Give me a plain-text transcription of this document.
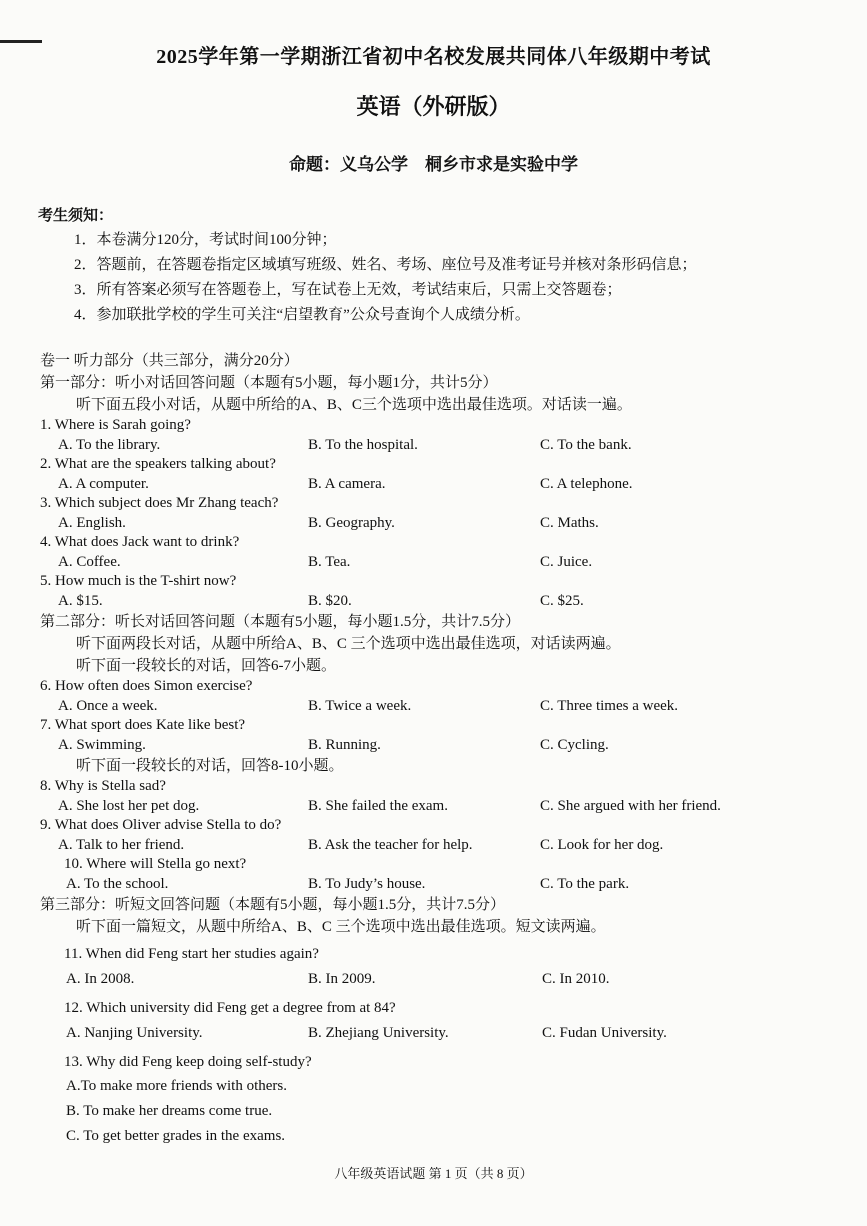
2025学年第一学期浙江省初中名校发展共同体八年级期中考试
英语（外研版）
命题：义乌公学　桐乡市求是实验中学
考生须知：
1．本卷满分120分，考试时间100分钟；
2．答题前，在答题卷指定区域填写班级、姓名、考场、座位号及准考证号并核对条形码信息；
3．所有答案必须写在答题卷上，写在试卷上无效，考试结束后，只需上交答题卷；
4．参加联批学校的学生可关注“启望教育”公众号查询个人成绩分析。
卷一 听力部分（共三部分，满分20分）
第一部分：听小对话回答问题（本题有5小题，每小题1分，共计5分）
听下面五段小对话，从题中所给的A、B、C三个选项中选出最佳选项。对话读一遍。
1. Where is Sarah going?
A. To the library.	B. To the hospital.	C. To the bank.
2. What are the speakers talking about?
A. A computer.	B. A camera.	C. A telephone.
3. Which subject does Mr Zhang teach?
A. English.	B. Geography.	C. Maths.
4. What does Jack want to drink?
A. Coffee.	B. Tea.	C. Juice.
5. How much is the T-shirt now?
A. $15.	B. $20.	C. $25.
第二部分：听长对话回答问题（本题有5小题，每小题1.5分，共计7.5分）
听下面两段长对话，从题中所给A、B、C 三个选项中选出最佳选项，对话读两遍。
听下面一段较长的对话，回答6-7小题。
6. How often does Simon exercise?
A. Once a week.	B. Twice a week.	C. Three times a week.
7. What sport does Kate like best?
A. Swimming.	B. Running.	C. Cycling.
听下面一段较长的对话，回答8-10小题。
8. Why is Stella sad?
A. She lost her pet dog.	B. She failed the exam.	C. She argued with her friend.
9. What does Oliver advise Stella to do?
A. Talk to her friend.	B. Ask the teacher for help.	C. Look for her dog.
10. Where will Stella go next?
A. To the school.	B. To Judy’s house.	C. To the park.
第三部分：听短文回答问题（本题有5小题，每小题1.5分，共计7.5分）
听下面一篇短文，从题中所给A、B、C 三个选项中选出最佳选项。短文读两遍。
11. When did Feng start her studies again?
A. In 2008.	B. In 2009.	C. In 2010.
12. Which university did Feng get a degree from at 84?
A. Nanjing University.	B. Zhejiang University.	C. Fudan University.
13. Why did Feng keep doing self-study?
A.To make more friends with others.
B. To make her dreams come true.
C. To get better grades in the exams.
八年级英语试题 第 1 页（共 8 页）
